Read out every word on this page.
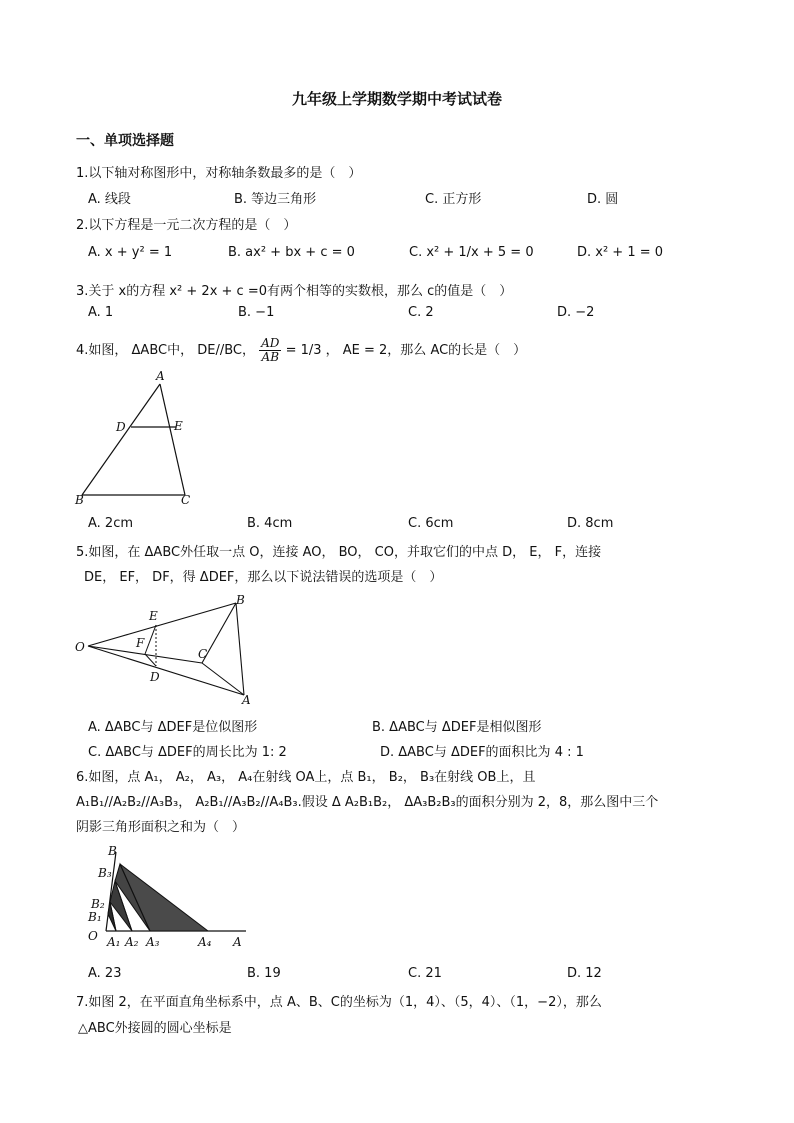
九年级上学期数学期中考试试卷
一、单项选择题
1.以下轴对称图形中，对称轴条数最多的是（　）
A. 线段	B. 等边三角形	C. 正方形	D. 圆
2.以下方程是一元二次方程的是（　）
A. x + y² = 1	B. ax² + bx + c = 0	C. x² + 1/x + 5 = 0	D. x² + 1 = 0
3.关于 x的方程 x² + 2x + c =0有两个相等的实数根，那么 c的值是（　）
A. 1	B. −1	C. 2	D. −2
4.如图， ΔABC中， DE//BC， $\frac{AD}{AB} = 1/3$ ， AE = 2，那么 AC的长是（　）
A
D	E
B	C
A. 2cm	B. 4cm	C. 6cm	D. 8cm
5.如图，在 ΔABC外任取一点 O，连接 AO， BO， CO，并取它们的中点 D， E， F，连接
DE， EF， DF，得 ΔDEF，那么以下说法错误的选项是（　）
O
E
F
D
C
B
A
A. ΔABC与 ΔDEF是位似图形	B. ΔABC与 ΔDEF是相似图形
C. ΔABC与 ΔDEF的周长比为 1: 2	D. ΔABC与 ΔDEF的面积比为 4 : 1
6.如图，点 A₁， A₂， A₃， A₄在射线 OA上，点 B₁， B₂， B₃在射线 OB上，且
A₁B₁//A₂B₂//A₃B₃， A₂B₁//A₃B₂//A₄B₃.假设 Δ A₂B₁B₂， ΔA₃B₂B₃的面积分别为 2，8，那么图中三个
阴影三角形面积之和为（　）
B
B₃
B₂
B₁
O A₁ A₂ A₃	A₄ A
A. 23	B. 19	C. 21	D. 12
7.如图 2，在平面直角坐标系中，点 A、B、C的坐标为（1，4）、（5，4）、（1，−2），那么
△ABC外接圆的圆心坐标是
